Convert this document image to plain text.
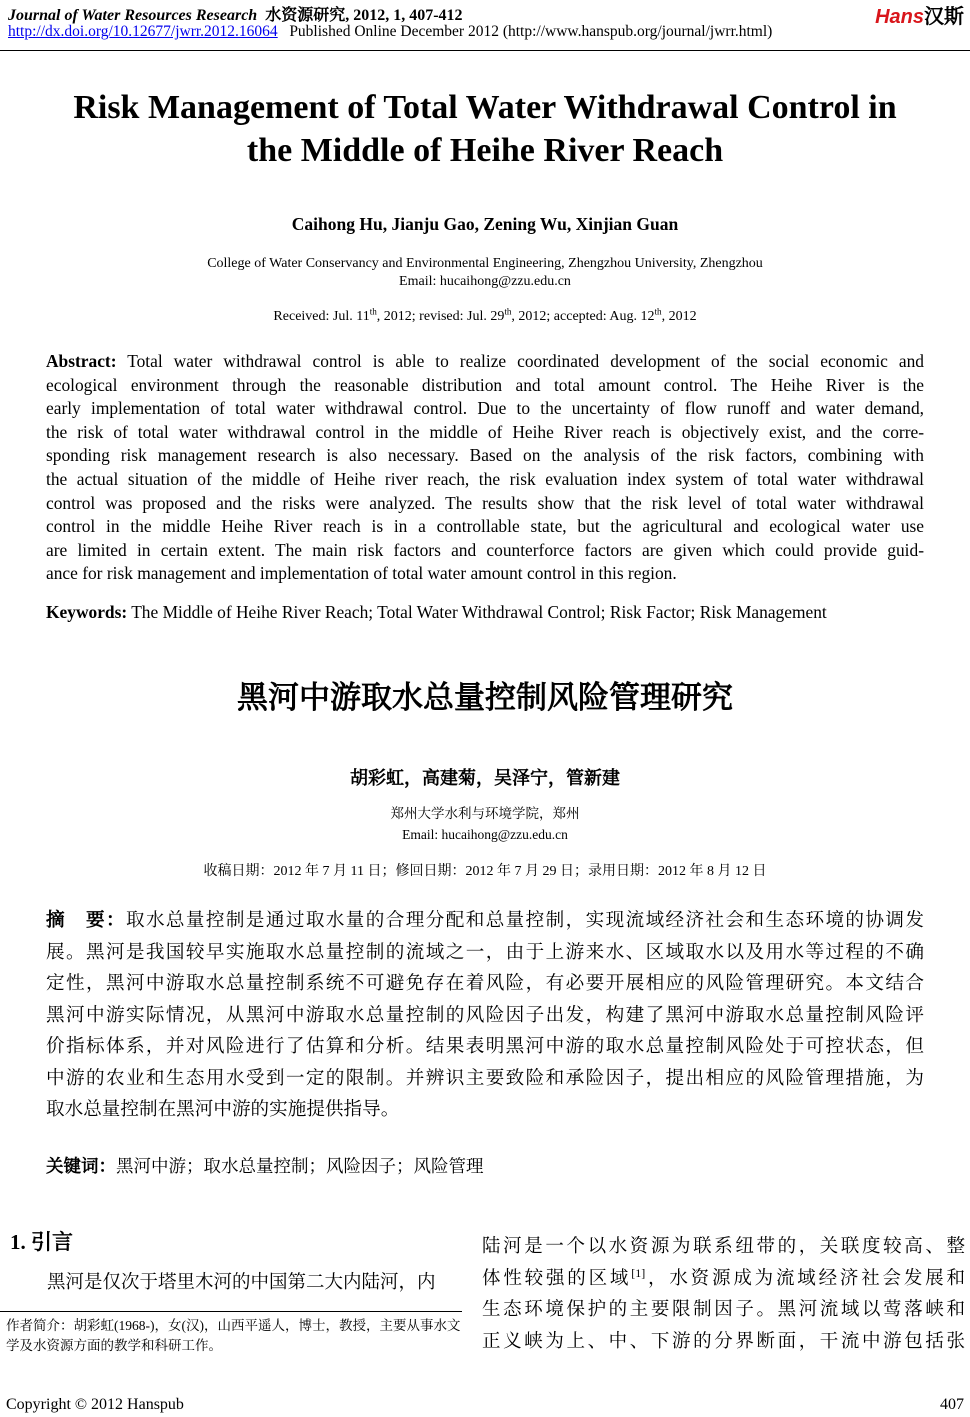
Journal of Water Resources Research 水资源研究, 2012, 1, 407-412
http://dx.doi.org/10.12677/jwrr.2012.16064 Published Online December 2012 (http://www.hanspub.org/journal/jwrr.html)
Hans汉斯
Risk Management of Total Water Withdrawal Control in
the Middle of Heihe River Reach
Caihong Hu, Jianju Gao, Zening Wu, Xinjian Guan
College of Water Conservancy and Environmental Engineering, Zhengzhou University, Zhengzhou
Email: hucaihong@zzu.edu.cn
Received: Jul. 11th, 2012; revised: Jul. 29th, 2012; accepted: Aug. 12th, 2012
Abstract: Total water withdrawal control is able to realize coordinated development of the social economic and
ecological environment through the reasonable distribution and total amount control. The Heihe River is the
early implementation of total water withdrawal control. Due to the uncertainty of flow runoff and water demand,
the risk of total water withdrawal control in the middle of Heihe River reach is objectively exist, and the corre-
sponding risk management research is also necessary. Based on the analysis of the risk factors, combining with
the actual situation of the middle of Heihe river reach, the risk evaluation index system of total water withdrawal
control was proposed and the risks were analyzed. The results show that the risk level of total water withdrawal
control in the middle Heihe River reach is in a controllable state, but the agricultural and ecological water use
are limited in certain extent. The main risk factors and counterforce factors are given which could provide guid-
ance for risk management and implementation of total water amount control in this region.
Keywords: The Middle of Heihe River Reach; Total Water Withdrawal Control; Risk Factor; Risk Management
黑河中游取水总量控制风险管理研究
胡彩虹，高建菊，吴泽宁，管新建
郑州大学水利与环境学院，郑州
Email: hucaihong@zzu.edu.cn
收稿日期：2012 年 7 月 11 日；修回日期：2012 年 7 月 29 日；录用日期：2012 年 8 月 12 日
摘　要：取水总量控制是通过取水量的合理分配和总量控制，实现流域经济社会和生态环境的协调发
展。黑河是我国较早实施取水总量控制的流域之一，由于上游来水、区域取水以及用水等过程的不确
定性，黑河中游取水总量控制系统不可避免存在着风险，有必要开展相应的风险管理研究。本文结合
黑河中游实际情况，从黑河中游取水总量控制的风险因子出发，构建了黑河中游取水总量控制风险评
价指标体系，并对风险进行了估算和分析。结果表明黑河中游的取水总量控制风险处于可控状态，但
中游的农业和生态用水受到一定的限制。并辨识主要致险和承险因子，提出相应的风险管理措施，为
取水总量控制在黑河中游的实施提供指导。
关键词：黑河中游；取水总量控制；风险因子；风险管理
1. 引言
黑河是仅次于塔里木河的中国第二大内陆河，内
作者简介：胡彩虹(1968-)，女(汉)，山西平遥人，博士，教授，主要从事水文学及水资源方面的教学和科研工作。
陆河是一个以水资源为联系纽带的，关联度较高、整
体性较强的区域[1]，水资源成为流域经济社会发展和
生态环境保护的主要限制因子。黑河流域以莺落峡和
正义峡为上、中、下游的分界断面，干流中游包括张
Copyright © 2012 Hanspub	407
